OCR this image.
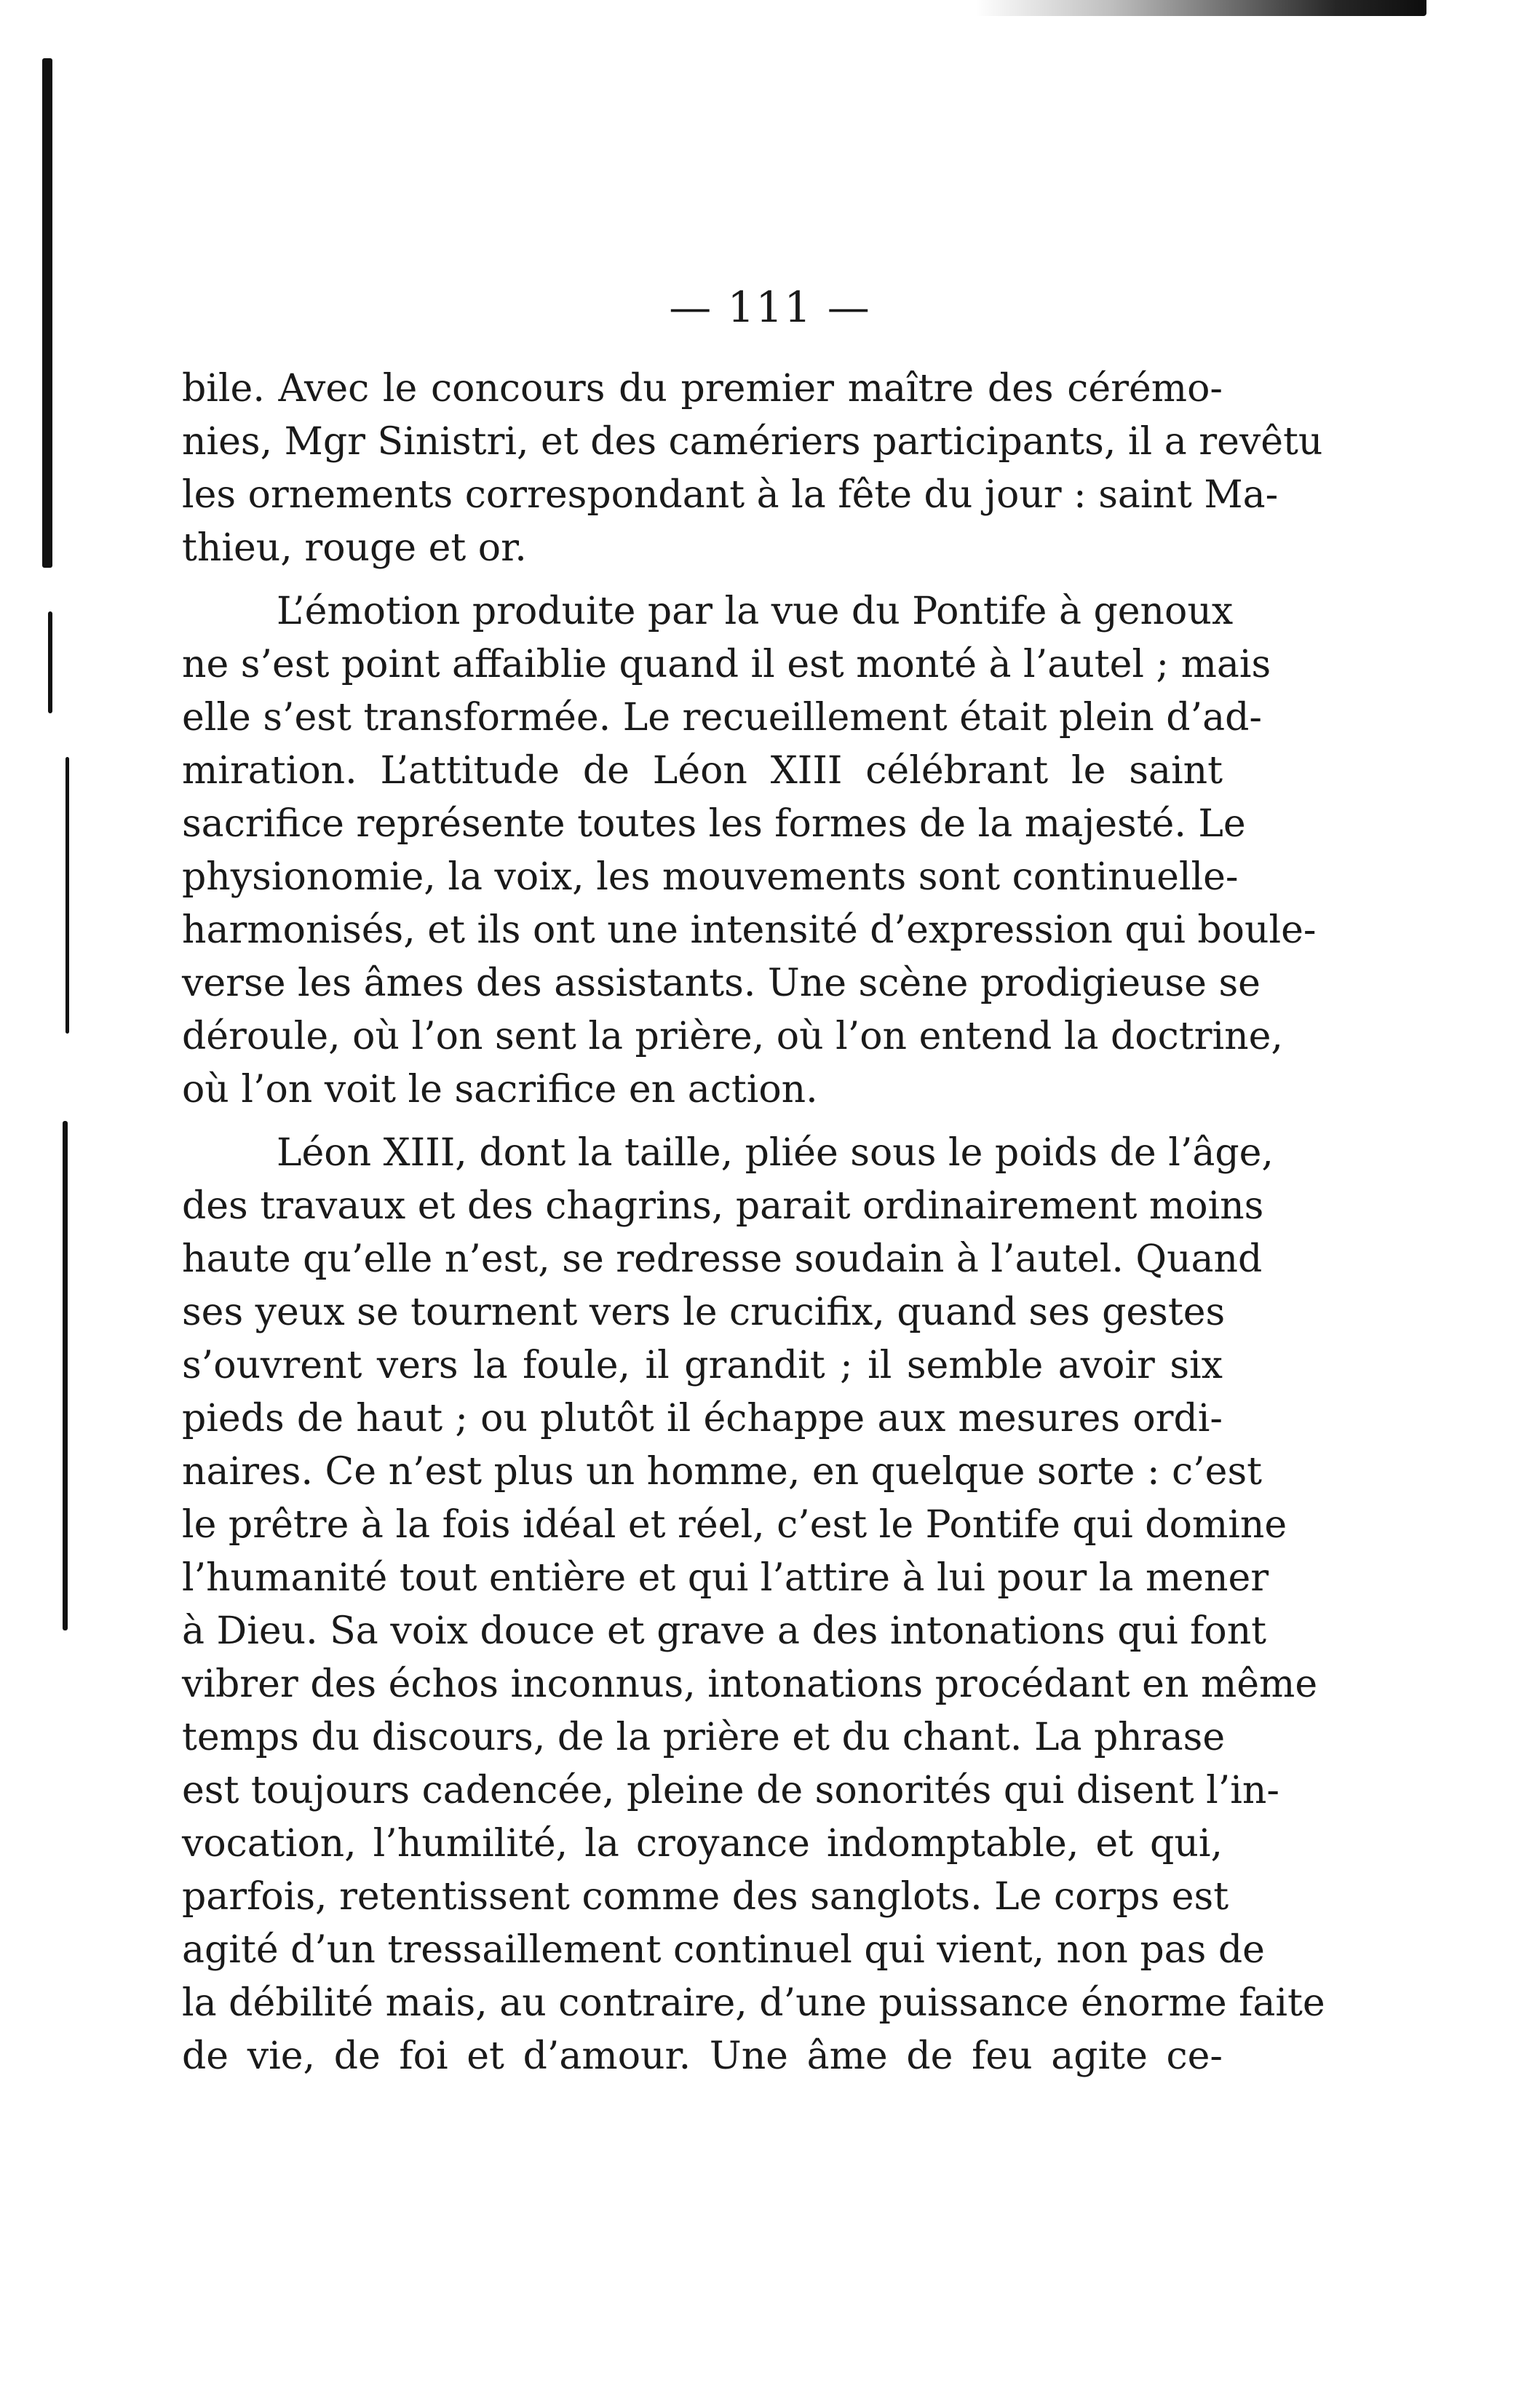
— 111 —

bile. Avec le concours du premier maître des cérémo-
nies, Mgr Sinistri, et des camériers participants, il a revêtu
les ornements correspondant à la fête du jour : saint Ma-
thieu, rouge et or.

L’émotion produite par la vue du Pontife à genoux
ne s’est point affaiblie quand il est monté à l’autel ; mais
elle s’est transformée. Le recueillement était plein d’ad-
miration. L’attitude de Léon XIII célébrant le saint
sacrifice représente toutes les formes de la majesté. Le
physionomie, la voix, les mouvements sont continuelle-
harmonisés, et ils ont une intensité d’expression qui boule-
verse les âmes des assistants. Une scène prodigieuse se
déroule, où l’on sent la prière, où l’on entend la doctrine,
où l’on voit le sacrifice en action.

Léon XIII, dont la taille, pliée sous le poids de l’âge,
des travaux et des chagrins, parait ordinairement moins
haute qu’elle n’est, se redresse soudain à l’autel. Quand
ses yeux se tournent vers le crucifix, quand ses gestes
s’ouvrent vers la foule, il grandit ; il semble avoir six
pieds de haut ; ou plutôt il échappe aux mesures ordi-
naires. Ce n’est plus un homme, en quelque sorte : c’est
le prêtre à la fois idéal et réel, c’est le Pontife qui domine
l’humanité tout entière et qui l’attire à lui pour la mener
à Dieu. Sa voix douce et grave a des intonations qui font
vibrer des échos inconnus, intonations procédant en même
temps du discours, de la prière et du chant. La phrase
est toujours cadencée, pleine de sonorités qui disent l’in-
vocation, l’humilité, la croyance indomptable, et qui,
parfois, retentissent comme des sanglots. Le corps est
agité d’un tressaillement continuel qui vient, non pas de
la débilité mais, au contraire, d’une puissance énorme faite
de vie, de foi et d’amour. Une âme de feu agite ce-
